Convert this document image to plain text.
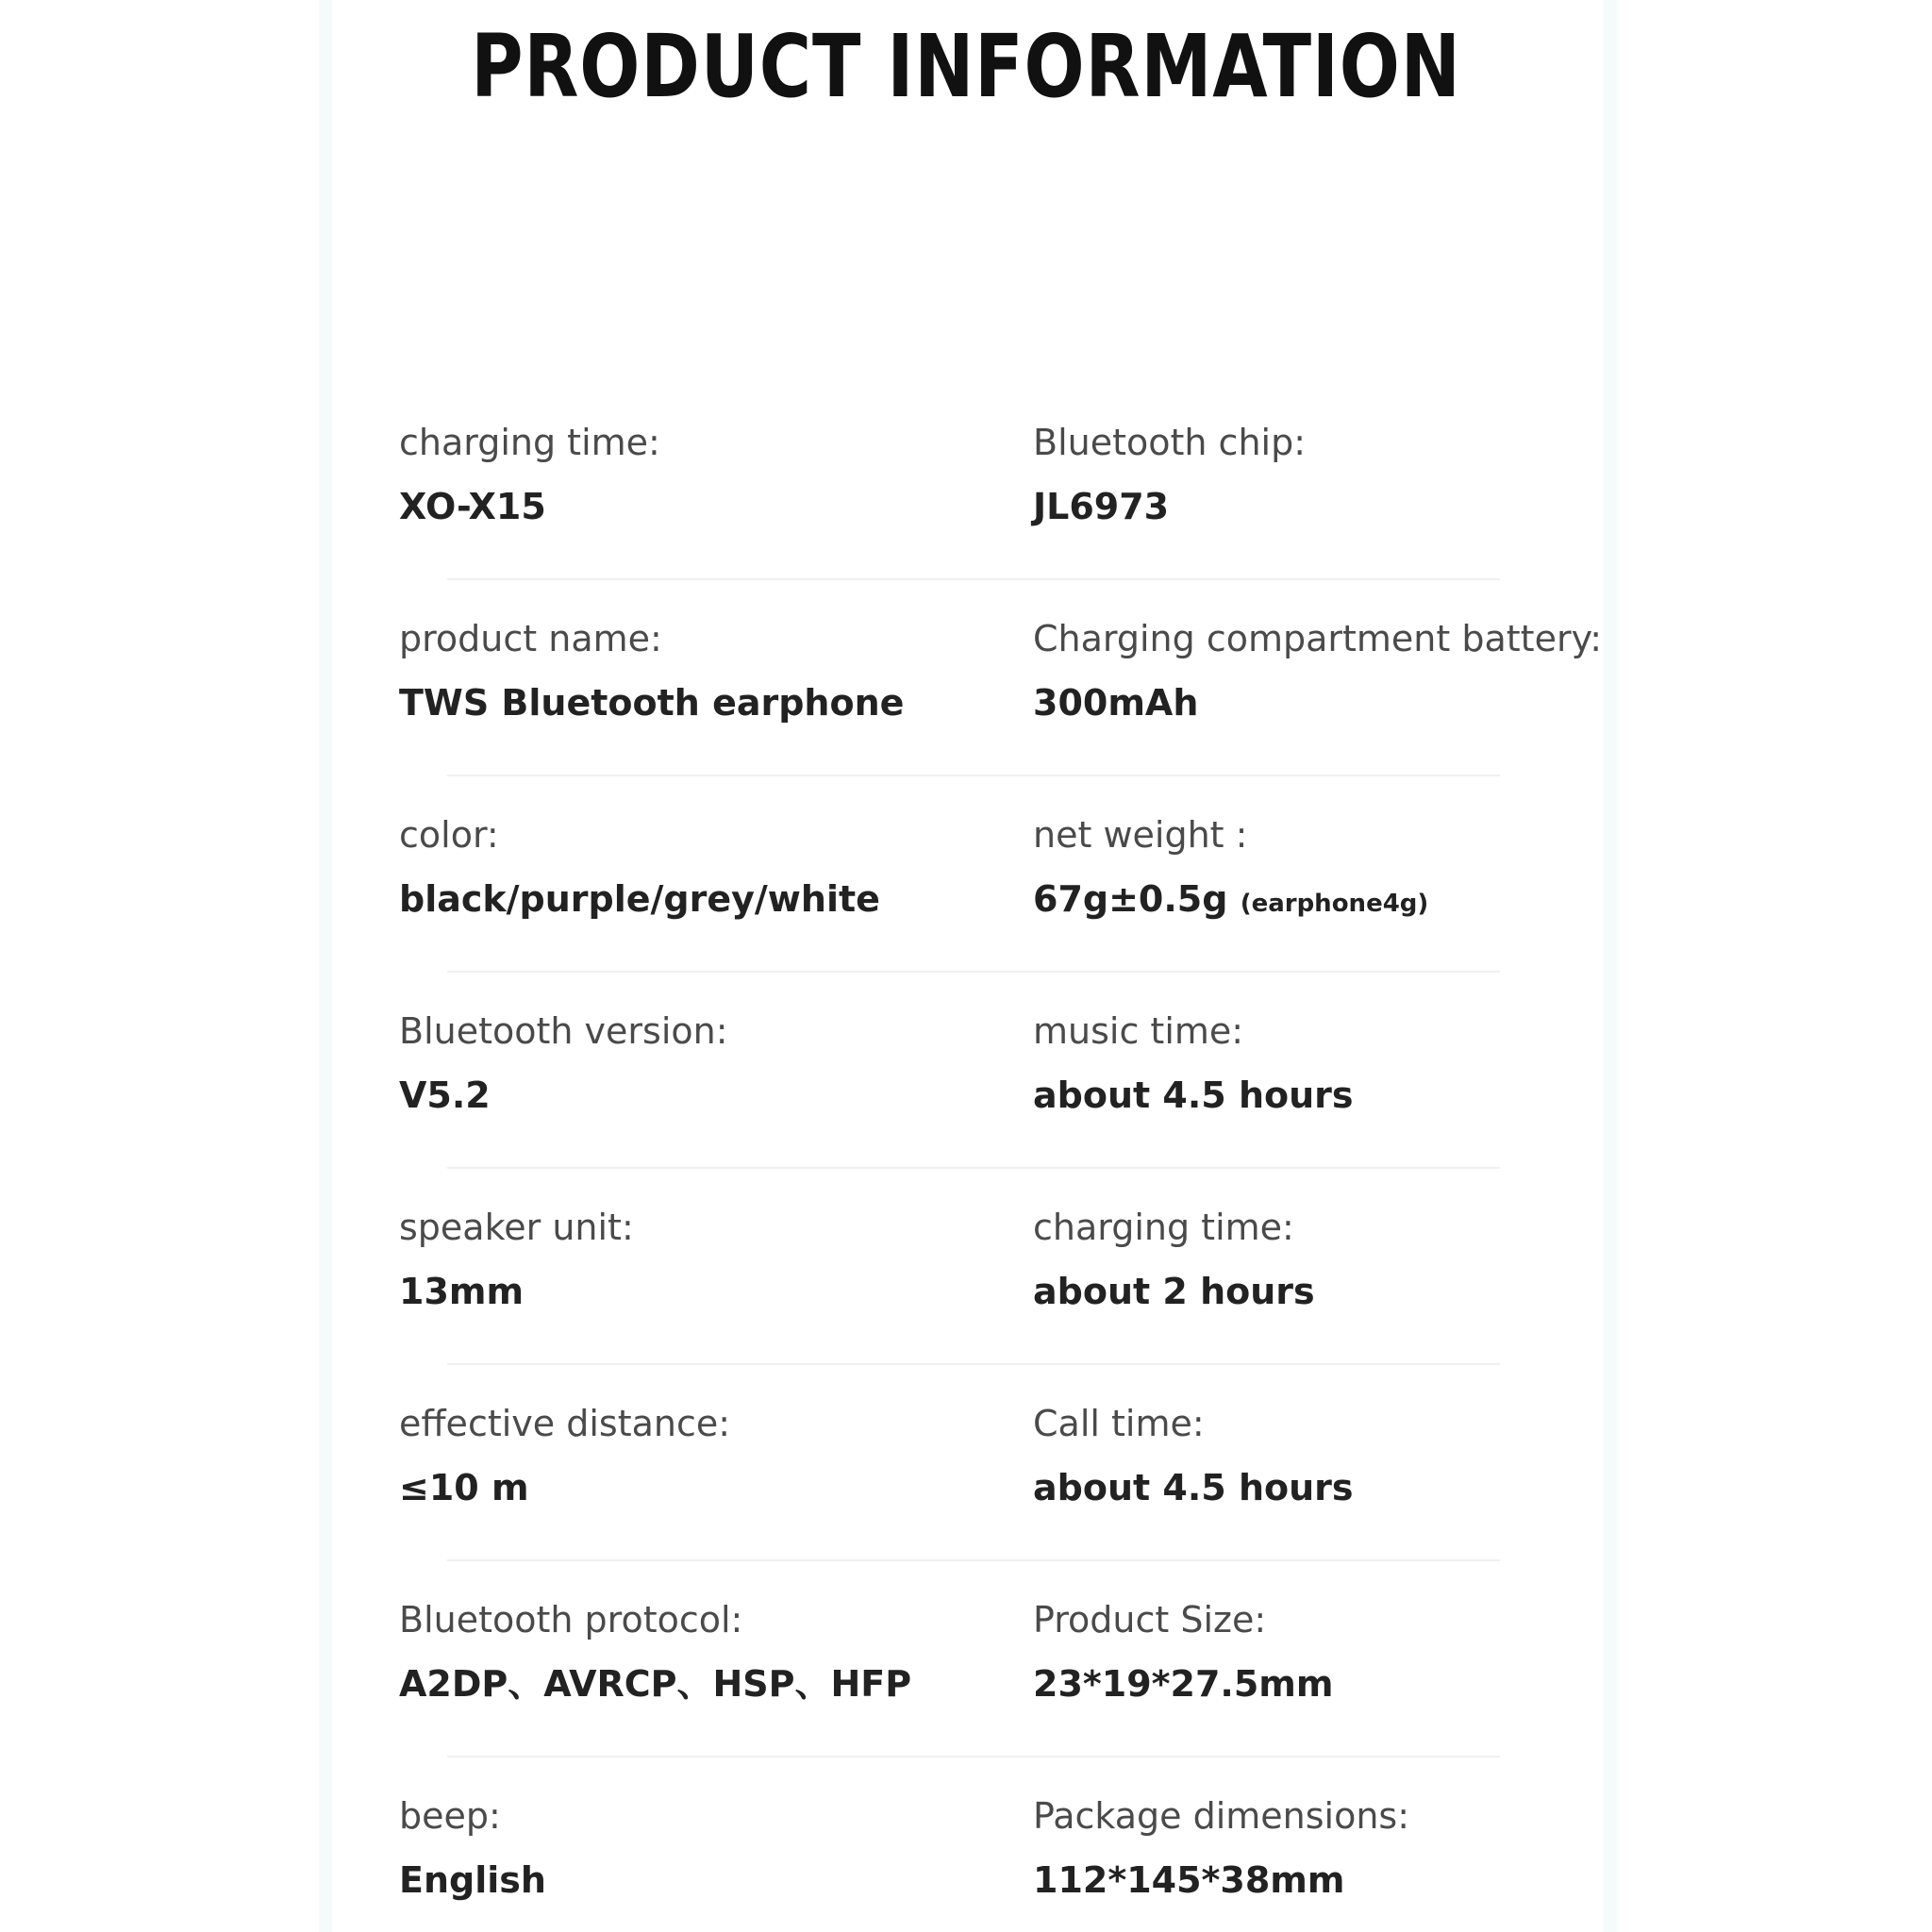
PRODUCT INFORMATION
charging time:
XO-X15
Bluetooth chip:
JL6973
product name:
TWS Bluetooth earphone
Charging compartment battery:
300mAh
color:
black/purple/grey/white
net weight :
67g±0.5g (earphone4g)
Bluetooth version:
V5.2
music time:
about 4.5 hours
speaker unit:
13mm
charging time:
about 2 hours
effective distance:
≤10 m
Call time:
about 4.5 hours
Bluetooth protocol:
A2DP、AVRCP、HSP、HFP
Product Size:
23*19*27.5mm
beep:
English
Package dimensions:
112*145*38mm
